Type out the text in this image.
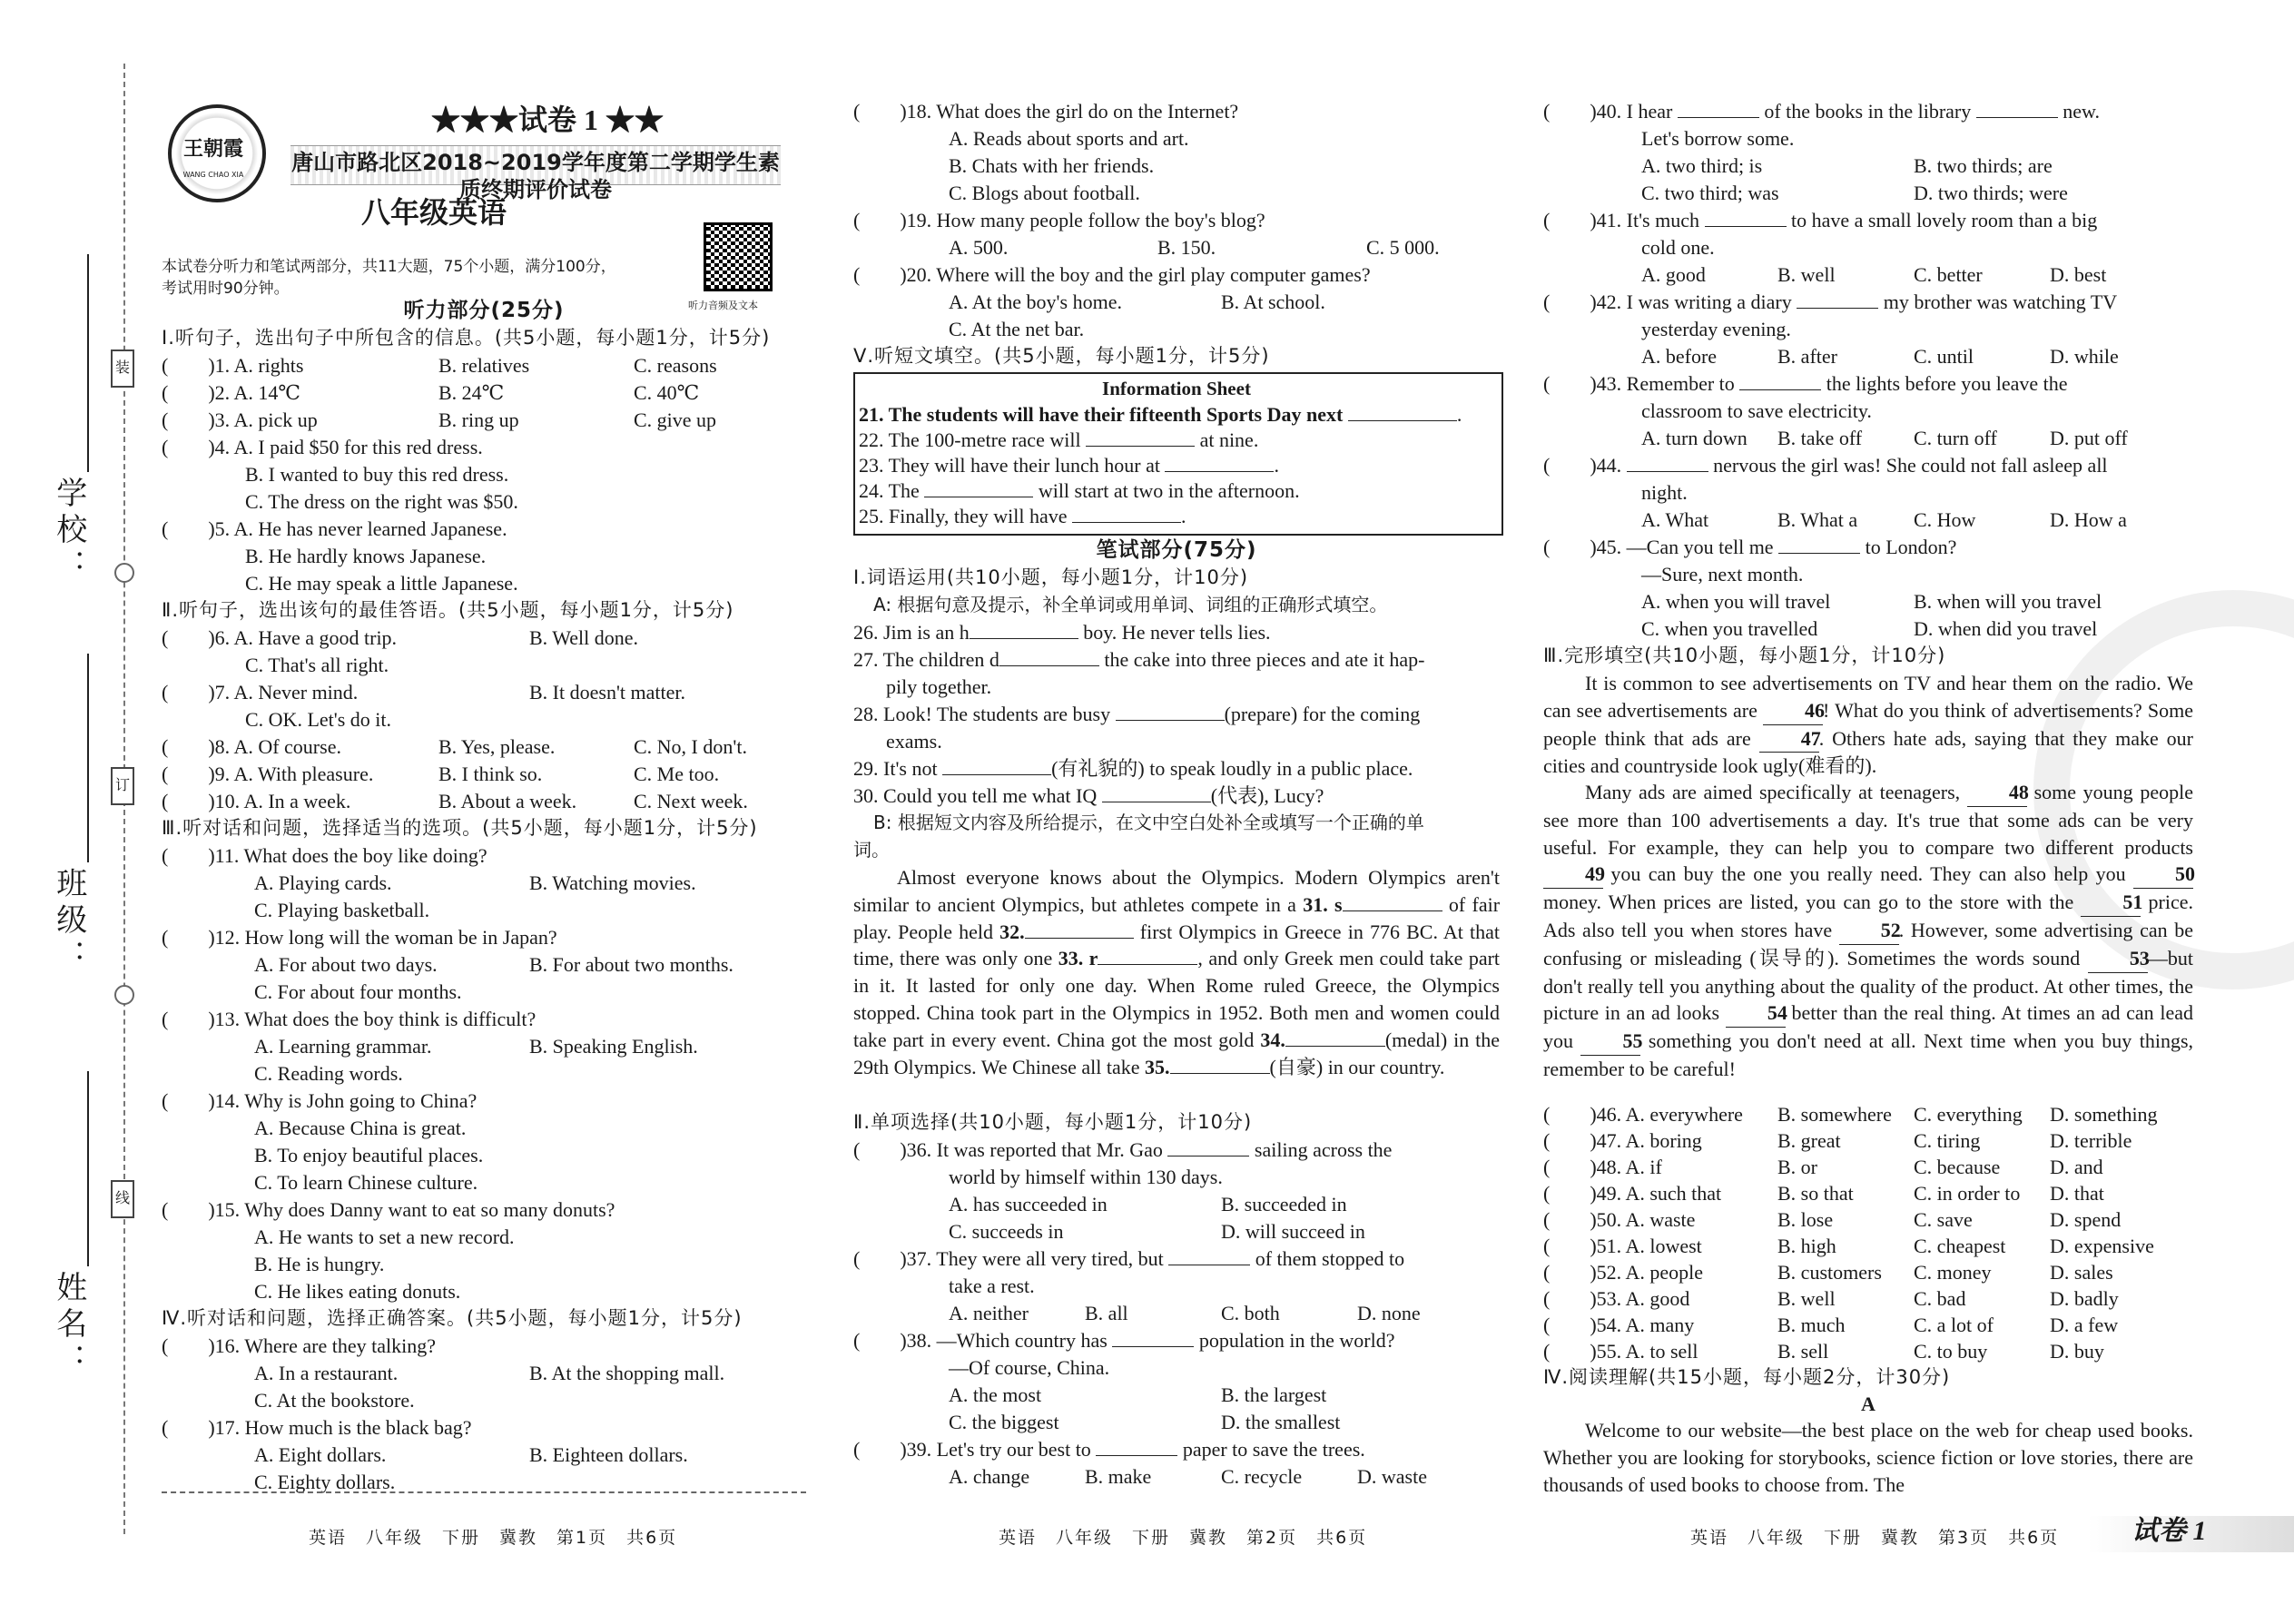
学校：
班级：
姓名：
装
订
线
王朝霞
WANG CHAO XIA
★★★试卷 1 ★★
唐山市路北区2018~2019学年度第二学期学生素质终期评价试卷
八年级英语
本试卷分听力和笔试两部分，共11大题，75个小题，满分100分，
考试用时90分钟。
听力音频及文本
听力部分(25分)
Ⅰ.听句子，选出句子中所包含的信息。(共5小题，每小题1分，计5分)
(　　)1. A. rights	B. relatives	C. reasons
(　　)2. A. 14℃	B. 24℃	C. 40℃
(　　)3. A. pick up	B. ring up	C. give up
(　　)4. A. I paid $50 for this red dress.
B. I wanted to buy this red dress.
C. The dress on the right was $50.
(　　)5. A. He has never learned Japanese.
B. He hardly knows Japanese.
C. He may speak a little Japanese.
Ⅱ.听句子，选出该句的最佳答语。(共5小题，每小题1分，计5分)
(　　)6. A. Have a good trip.	B. Well done.
C. That's all right.
(　　)7. A. Never mind.	B. It doesn't matter.
C. OK. Let's do it.
(　　)8. A. Of course.	B. Yes, please.	C. No, I don't.
(　　)9. A. With pleasure.	B. I think so.	C. Me too.
(　　)10. A. In a week.	B. About a week.	C. Next week.
Ⅲ.听对话和问题，选择适当的选项。(共5小题，每小题1分，计5分)
(　　)11. What does the boy like doing?
A. Playing cards.	B. Watching movies.
C. Playing basketball.
(　　)12. How long will the woman be in Japan?
A. For about two days.	B. For about two months.
C. For about four months.
(　　)13. What does the boy think is difficult?
A. Learning grammar.	B. Speaking English.
C. Reading words.
(　　)14. Why is John going to China?
A. Because China is great.
B. To enjoy beautiful places.
C. To learn Chinese culture.
(　　)15. Why does Danny want to eat so many donuts?
A. He wants to set a new record.
B. He is hungry.
C. He likes eating donuts.
Ⅳ.听对话和问题，选择正确答案。(共5小题，每小题1分，计5分)
(　　)16. Where are they talking?
A. In a restaurant.	B. At the shopping mall.
C. At the bookstore.
(　　)17. How much is the black bag?
A. Eight dollars.	B. Eighteen dollars.
C. Eighty dollars.
(　　)18. What does the girl do on the Internet?
A. Reads about sports and art.
B. Chats with her friends.
C. Blogs about football.
(　　)19. How many people follow the boy's blog?
A. 500.	B. 150.	C. 5 000.
(　　)20. Where will the boy and the girl play computer games?
A. At the boy's home.	B. At school.
C. At the net bar.
Ⅴ.听短文填空。(共5小题，每小题1分，计5分)
Information Sheet
21. The students will have their fifteenth Sports Day next	.
22. The 100-metre race will	at nine.
23. They will have their lunch hour at	.
24. The	will start at two in the afternoon.
25. Finally, they will have	.
笔试部分(75分)
Ⅰ.词语运用(共10小题，每小题1分，计10分)
A: 根据句意及提示，补全单词或用单词、词组的正确形式填空。
26. Jim is an h	boy. He never tells lies.
27. The children d	the cake into three pieces and ate it hap-
pily together.
28. Look! The students are busy	(prepare) for the coming
exams.
29. It's not	(有礼貌的) to speak loudly in a public place.
30. Could you tell me what IQ	(代表), Lucy?
B: 根据短文内容及所给提示，在文中空白处补全或填写一个正确的单
词。
Almost everyone knows about the Olympics. Modern Olympics aren't similar to ancient Olympics, but athletes compete in a 31. s	of fair play. People held 32.	first Olympics in Greece in 776 BC. At that time, there was only one 33. r	, and only Greek men could take part in it. It lasted for only one day. When Rome ruled Greece, the Olympics stopped. China took part in the Olympics in 1952. Both men and women could take part in every event. China got the most gold 34.	(medal) in the 29th Olympics. We Chinese all take 35.	(自豪) in our country.
Ⅱ.单项选择(共10小题，每小题1分，计10分)
(　　)36. It was reported that Mr. Gao	sailing across the
world by himself within 130 days.
A. has succeeded in	B. succeeded in
C. succeeds in	D. will succeed in
(　　)37. They were all very tired, but	of them stopped to
take a rest.
A. neither	B. all	C. both	D. none
(　　)38. —Which country has	population in the world?
—Of course, China.
A. the most	B. the largest
C. the biggest	D. the smallest
(　　)39. Let's try our best to	paper to save the trees.
A. change	B. make	C. recycle	D. waste
(　　)40. I hear	of the books in the library	new.
Let's borrow some.
A. two third; is	B. two thirds; are
C. two third; was	D. two thirds; were
(　　)41. It's much	to have a small lovely room than a big
cold one.
A. good	B. well	C. better	D. best
(　　)42. I was writing a diary	my brother was watching TV
yesterday evening.
A. before	B. after	C. until	D. while
(　　)43. Remember to	the lights before you leave the
classroom to save electricity.
A. turn down B. take off	C. turn off	D. put off
(　　)44.	nervous the girl was! She could not fall asleep all
night.
A. What	B. What a	C. How	D. How a
(　　)45. —Can you tell me	to London?
—Sure, next month.
A. when you will travel	B. when will you travel
C. when you travelled	D. when did you travel
Ⅲ.完形填空(共10小题，每小题1分，计10分)
It is common to see advertisements on TV and hear them on the radio. We can see advertisements are 46! What do you think of advertisements? Some people think that ads are 47. Others hate ads, saying that they make our cities and countryside look ugly(难看的).
Many ads are aimed specifically at teenagers, 48 some young people see more than 100 advertisements a day. It's true that some ads can be very useful. For example, they can help you to compare two different products 49 you can buy the one you really need. They can also help you 50 money. When prices are listed, you can go to the store with the 51 price. Ads also tell you when stores have 52. However, some advertising can be confusing or misleading (误导的). Sometimes the words sound 53—but don't really tell you anything about the quality of the product. At other times, the picture in an ad looks 54 better than the real thing. At times an ad can lead you 55 something you don't need at all. Next time when you buy things, remember to be careful!
(　　)46. A. everywhere B. somewhere C. everything D. something
(　　)47. A. boring	B. great	C. tiring	D. terrible
(　　)48. A. if	B. or	C. because D. and
(　　)49. A. such that	B. so that	C. in order to D. that
(　　)50. A. waste	B. lose	C. save	D. spend
(　　)51. A. lowest	B. high	C. cheapest D. expensive
(　　)52. A. people	B. customers C. money	D. sales
(　　)53. A. good	B. well	C. bad	D. badly
(　　)54. A. many	B. much	C. a lot of	D. a few
(　　)55. A. to sell	B. sell	C. to buy	D. buy
Ⅳ.阅读理解(共15小题，每小题2分，计30分)
A
Welcome to our website—the best place on the web for cheap used books. Whether you are looking for storybooks, science fiction or love stories, there are thousands of used books to choose from. The
英语　八年级　下册　冀教　第1页　共6页	英语　八年级　下册　冀教　第2页　共6页	英语　八年级　下册　冀教　第3页　共6页	试卷 1
